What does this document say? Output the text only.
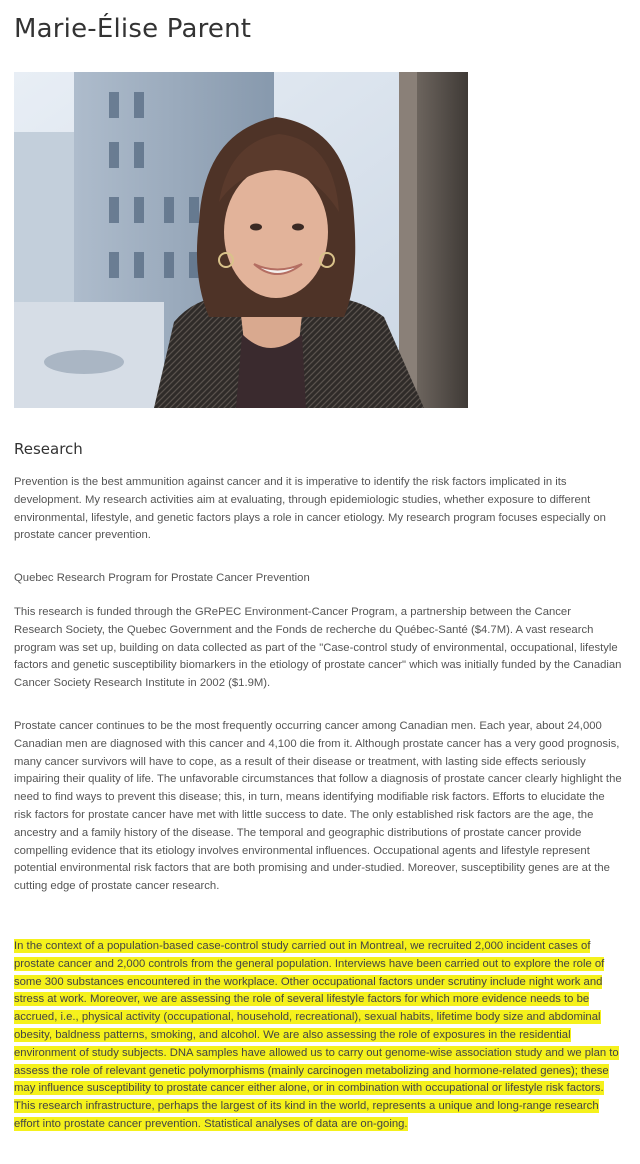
Marie-Élise Parent
Research

Prevention is the best ammunition against cancer and it is imperative to identify the risk factors implicated in its development. My research activities aim at evaluating, through epidemiologic studies, whether exposure to different environmental, lifestyle, and genetic factors plays a role in cancer etiology. My research program focuses especially on prostate cancer prevention.

Quebec Research Program for Prostate Cancer Prevention

This research is funded through the GRePEC Environment-Cancer Program, a partnership between the Cancer Research Society, the Quebec Government and the Fonds de recherche du Québec-Santé ($4.7M). A vast research program was set up, building on data collected as part of the "Case-control study of environmental, occupational, lifestyle factors and genetic susceptibility biomarkers in the etiology of prostate cancer" which was initially funded by the Canadian Cancer Society Research Institute in 2002 ($1.9M).

Prostate cancer continues to be the most frequently occurring cancer among Canadian men. Each year, about 24,000 Canadian men are diagnosed with this cancer and 4,100 die from it. Although prostate cancer has a very good prognosis, many cancer survivors will have to cope, as a result of their disease or treatment, with lasting side effects seriously impairing their quality of life. The unfavorable circumstances that follow a diagnosis of prostate cancer clearly highlight the need to find ways to prevent this disease; this, in turn, means identifying modifiable risk factors. Efforts to elucidate the risk factors for prostate cancer have met with little success to date. The only established risk factors are the age, the ancestry and a family history of the disease. The temporal and geographic distributions of prostate cancer provide compelling evidence that its etiology involves environmental influences. Occupational agents and lifestyle represent potential environmental risk factors that are both promising and under-studied. Moreover, susceptibility genes are at the cutting edge of prostate cancer research.

In the context of a population-based case-control study carried out in Montreal, we recruited 2,000 incident cases of prostate cancer and 2,000 controls from the general population. Interviews have been carried out to explore the role of some 300 substances encountered in the workplace. Other occupational factors under scrutiny include night work and stress at work. Moreover, we are assessing the role of several lifestyle factors for which more evidence needs to be accrued, i.e., physical activity (occupational, household, recreational), sexual habits, lifetime body size and abdominal obesity, baldness patterns, smoking, and alcohol. We are also assessing the role of exposures in the residential environment of study subjects. DNA samples have allowed us to carry out genome-wise association study and we plan to assess the role of relevant genetic polymorphisms (mainly carcinogen metabolizing and hormone-related genes); these may influence susceptibility to prostate cancer either alone, or in combination with occupational or lifestyle risk factors. This research infrastructure, perhaps the largest of its kind in the world, represents a unique and long-range research effort into prostate cancer prevention. Statistical analyses of data are on-going.
